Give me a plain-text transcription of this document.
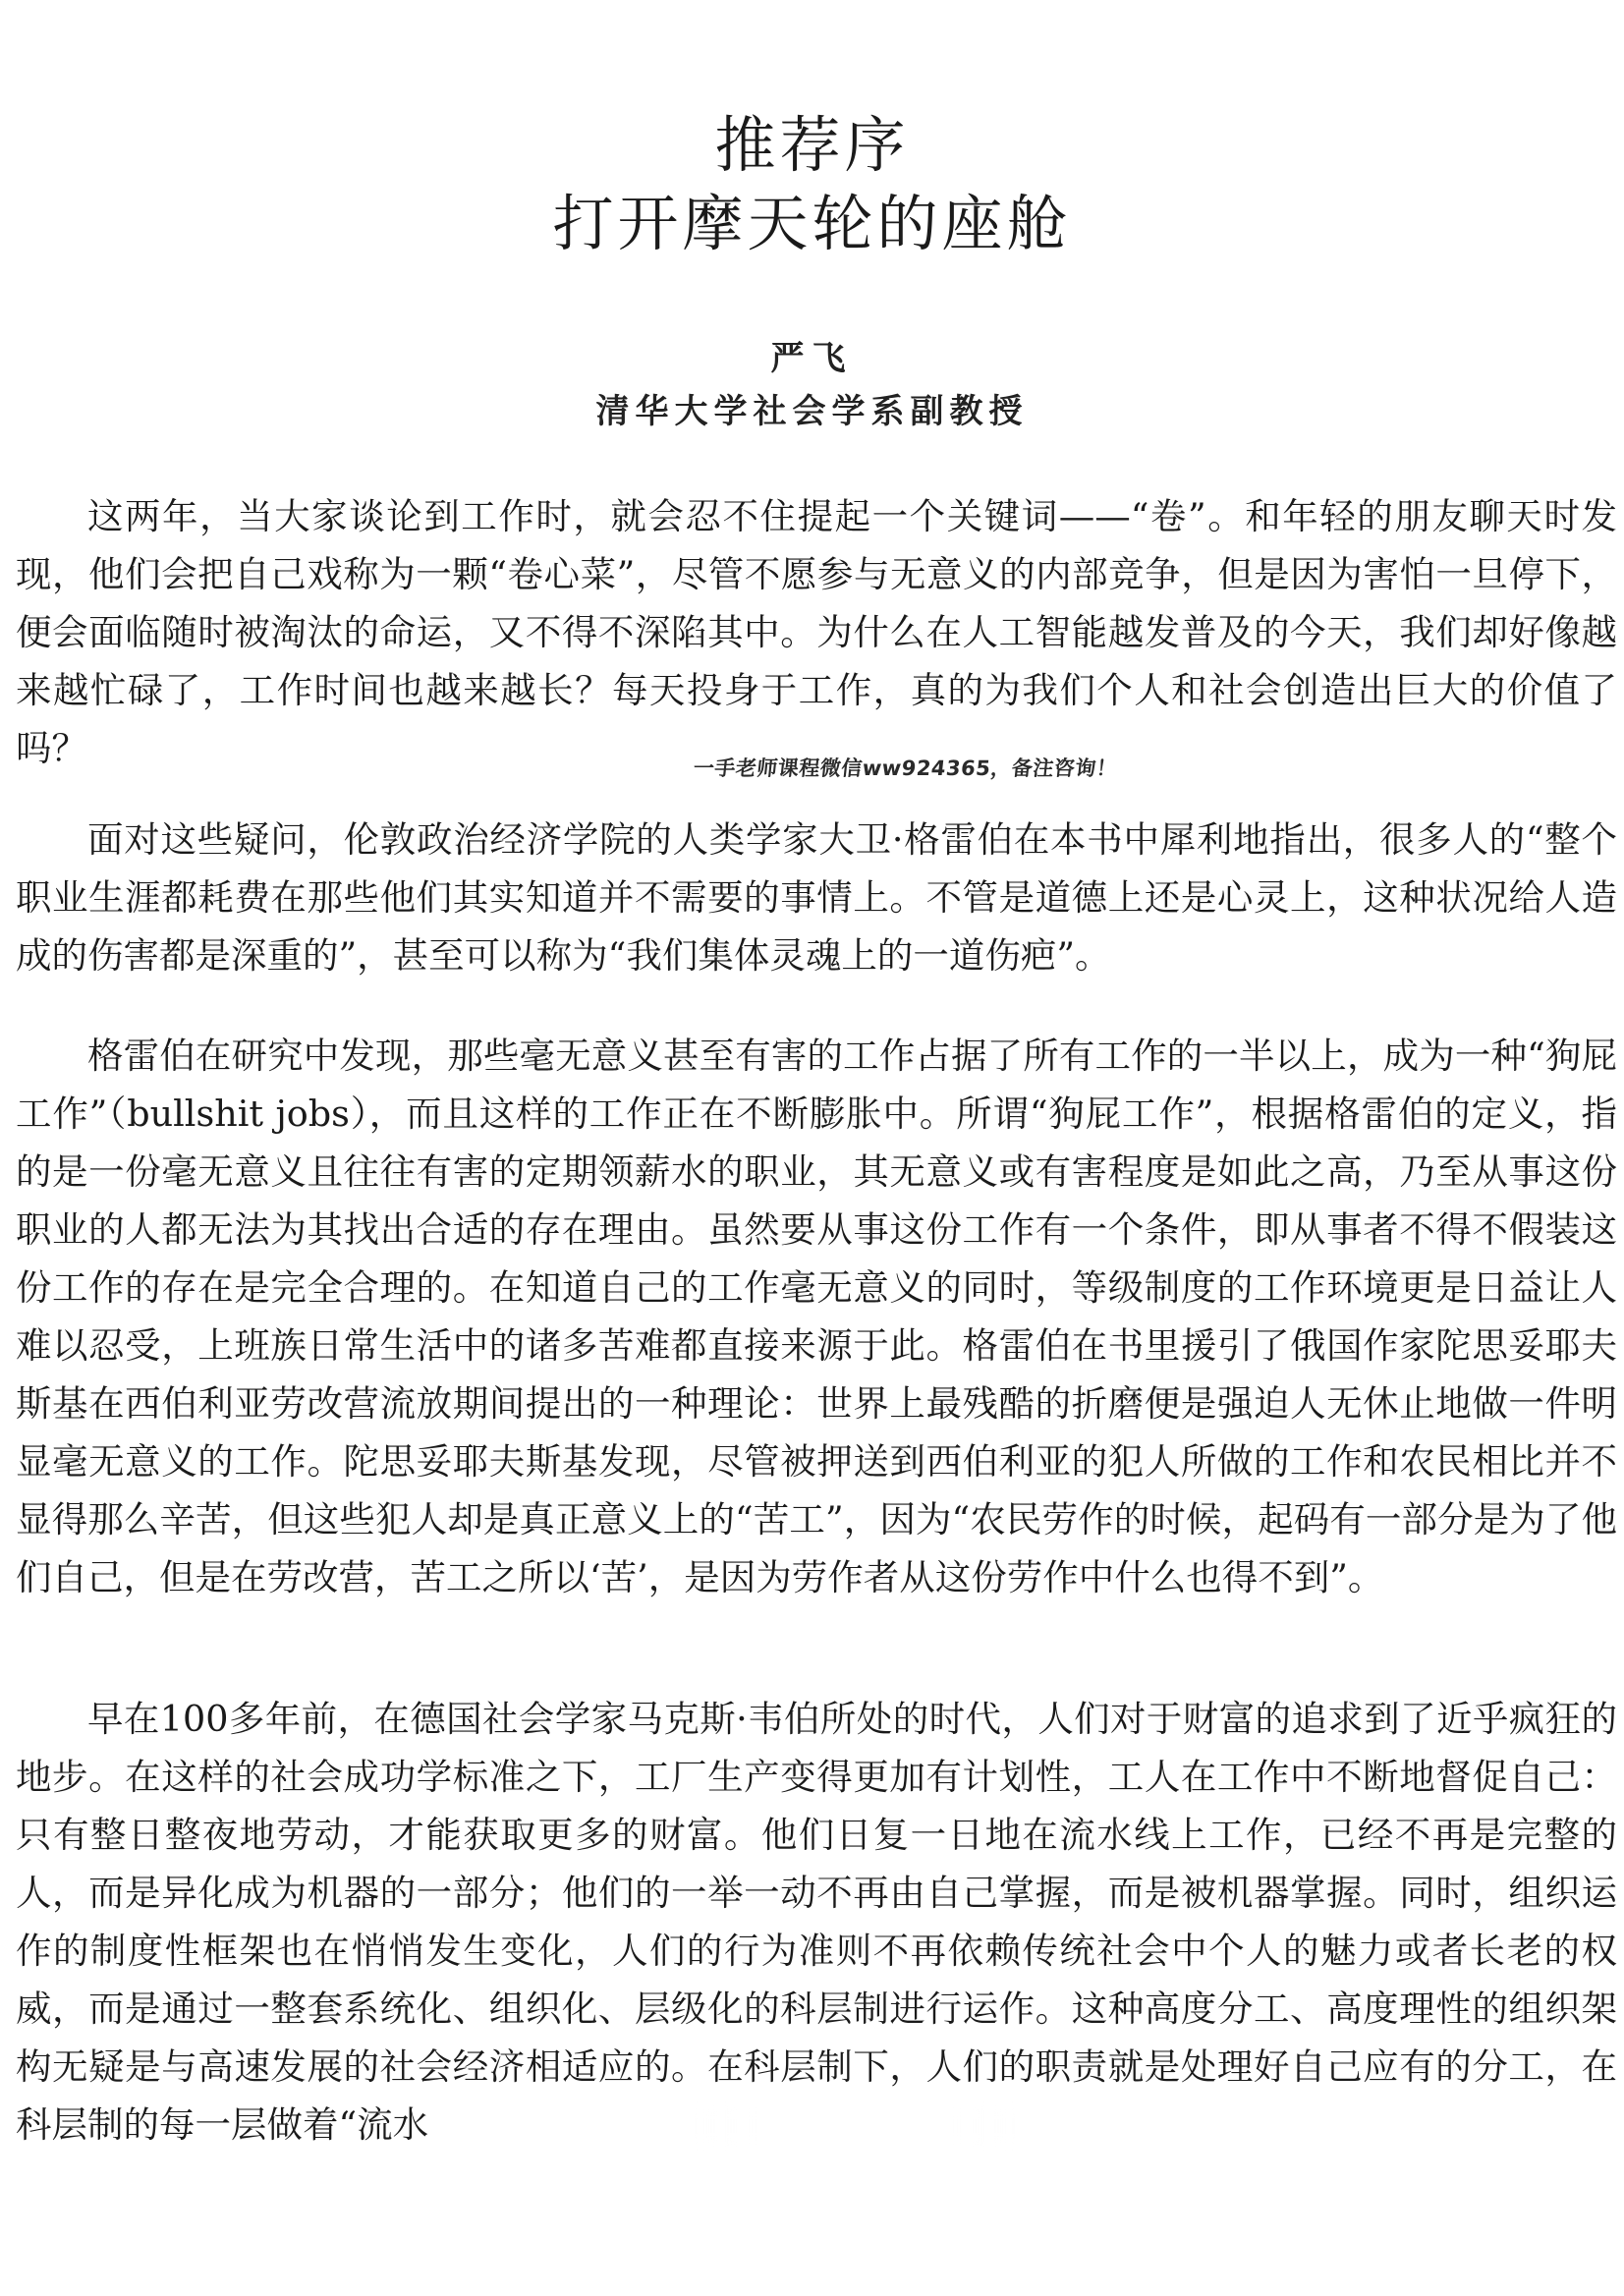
推荐序
打开摩天轮的座舱
严飞
清华大学社会学系副教授

这两年，当大家谈论到工作时，就会忍不住提起一个关键词——“卷”。和年轻的朋友聊天时发现，他们会把自己戏称为一颗“卷心菜”，尽管不愿参与无意义的内部竞争，但是因为害怕一旦停下，便会面临随时被淘汰的命运，又不得不深陷其中。为什么在人工智能越发普及的今天，我们却好像越来越忙碌了，工作时间也越来越长？每天投身于工作，真的为我们个人和社会创造出巨大的价值了吗？	一手老师课程微信ww924365，备注咨询！

面对这些疑问，伦敦政治经济学院的人类学家大卫·格雷伯在本书中犀利地指出，很多人的“整个职业生涯都耗费在那些他们其实知道并不需要的事情上。不管是道德上还是心灵上，这种状况给人造成的伤害都是深重的”，甚至可以称为“我们集体灵魂上的一道伤疤”。

格雷伯在研究中发现，那些毫无意义甚至有害的工作占据了所有工作的一半以上，成为一种“狗屁工作”（bullshit jobs），而且这样的工作正在不断膨胀中。所谓“狗屁工作”，根据格雷伯的定义，指的是一份毫无意义且往往有害的定期领薪水的职业，其无意义或有害程度是如此之高，乃至从事这份职业的人都无法为其找出合适的存在理由。虽然要从事这份工作有一个条件，即从事者不得不假装这份工作的存在是完全合理的。在知道自己的工作毫无意义的同时，等级制度的工作环境更是日益让人难以忍受，上班族日常生活中的诸多苦难都直接来源于此。格雷伯在书里援引了俄国作家陀思妥耶夫斯基在西伯利亚劳改营流放期间提出的一种理论：世界上最残酷的折磨便是强迫人无休止地做一件明显毫无意义的工作。陀思妥耶夫斯基发现，尽管被押送到西伯利亚的犯人所做的工作和农民相比并不显得那么辛苦，但这些犯人却是真正意义上的“苦工”，因为“农民劳作的时候，起码有一部分是为了他们自己，但是在劳改营，苦工之所以‘苦’，是因为劳作者从这份劳作中什么也得不到”。

早在100多年前，在德国社会学家马克斯·韦伯所处的时代，人们对于财富的追求到了近乎疯狂的地步。在这样的社会成功学标准之下，工厂生产变得更加有计划性，工人在工作中不断地督促自己：只有整日整夜地劳动，才能获取更多的财富。他们日复一日地在流水线上工作，已经不再是完整的人，而是异化成为机器的一部分；他们的一举一动不再由自己掌握，而是被机器掌握。同时，组织运作的制度性框架也在悄悄发生变化，人们的行为准则不再依赖传统社会中个人的魅力或者长老的权威，而是通过一整套系统化、组织化、层级化的科层制进行运作。这种高度分工、高度理性的组织架构无疑是与高速发展的社会经济相适应的。在科层制下，人们的职责就是处理好自己应有的分工，在科层制的每一层做着“流水
